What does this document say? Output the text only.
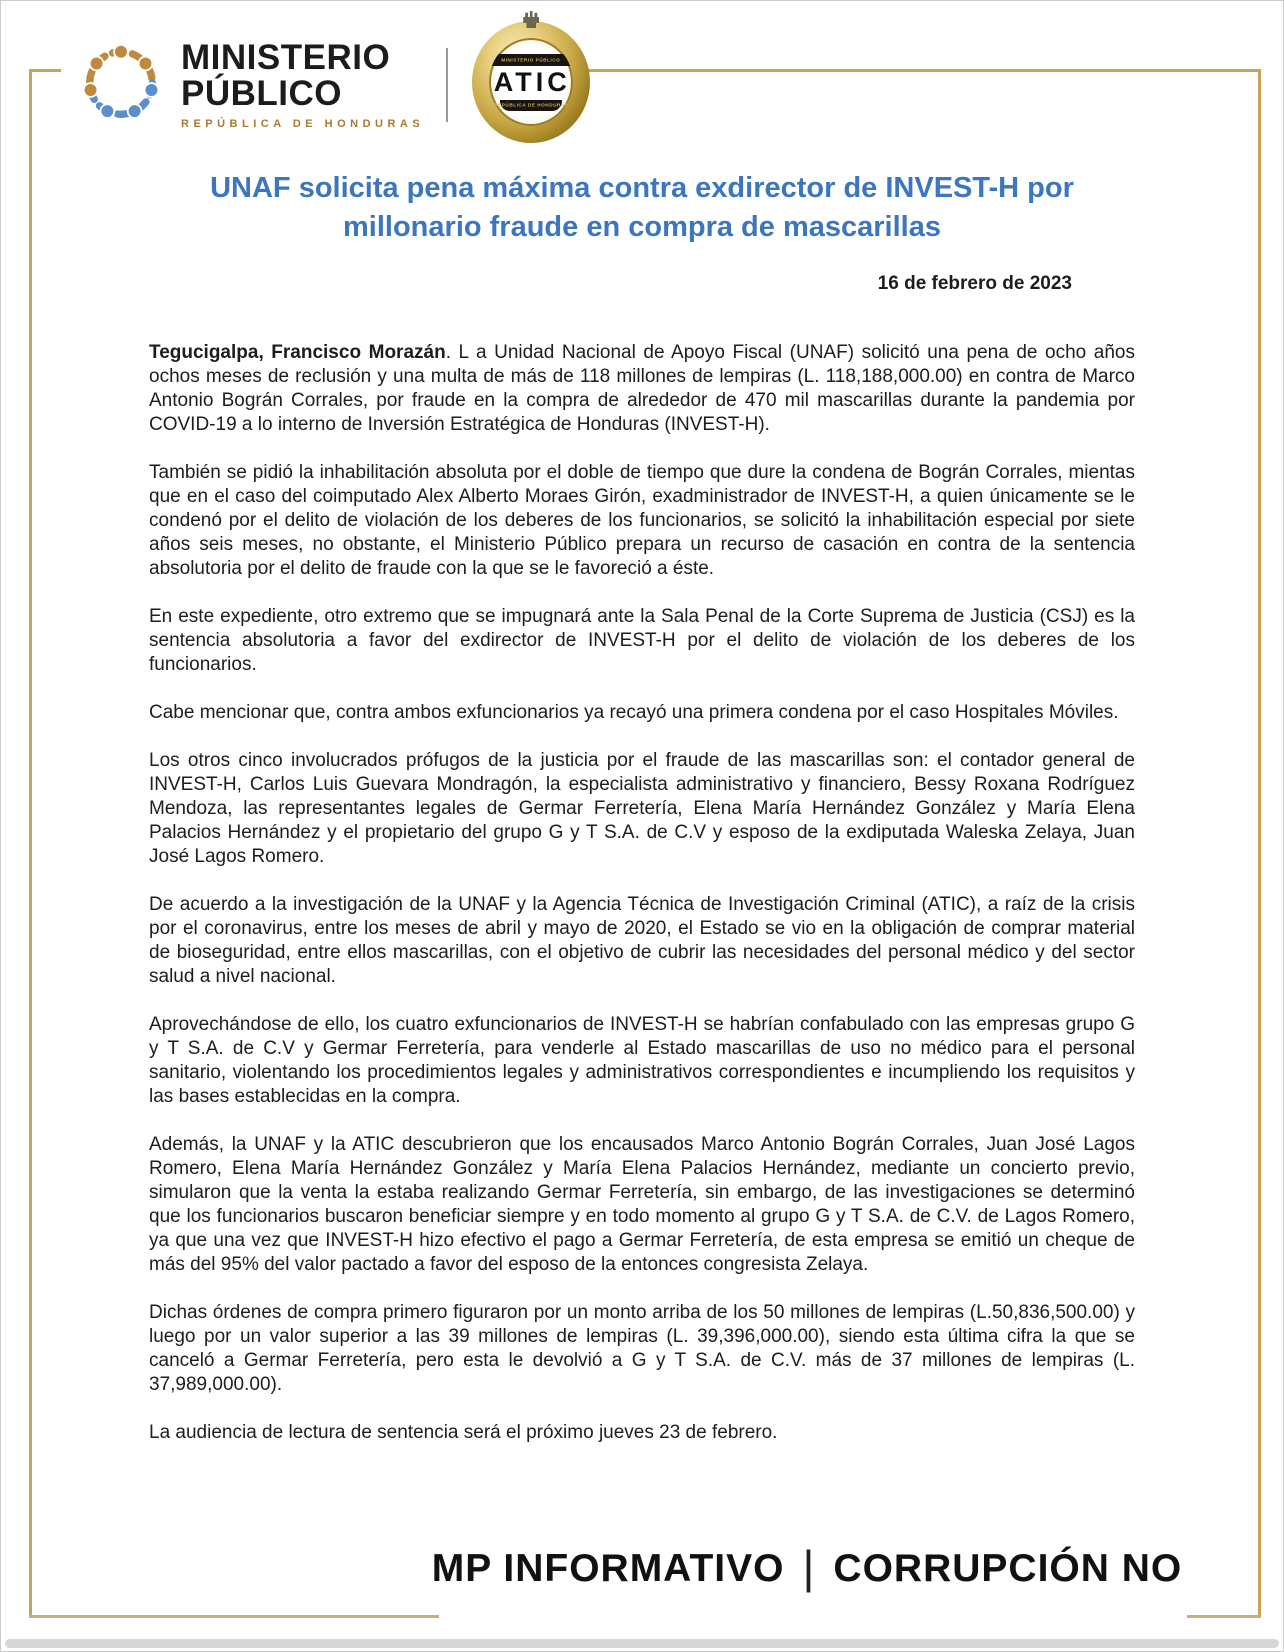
MINISTERIO
PÚBLICO
REPÚBLICA DE HONDURAS
MINISTERIO PÚBLICO
ATIC
REPÚBLICA DE HONDURAS
UNAF solicita pena máxima contra exdirector de INVEST-H por
millonario fraude en compra de mascarillas
16 de febrero de 2023

Tegucigalpa, Francisco Morazán. L a Unidad Nacional de Apoyo Fiscal (UNAF) solicitó una pena de ocho años ochos meses de reclusión y una multa de más de 118 millones de lempiras (L. 118,188,000.00) en contra de Marco Antonio Bográn Corrales, por fraude en la compra de alrededor de 470 mil mascarillas durante la pandemia por COVID-19 a lo interno de Inversión Estratégica de Honduras (INVEST-H).

También se pidió la inhabilitación absoluta por el doble de tiempo que dure la condena de Bográn Corrales, mientas que en el caso del coimputado Alex Alberto Moraes Girón, exadministrador de INVEST-H, a quien únicamente se le condenó por el delito de violación de los deberes de los funcionarios, se solicitó la inhabilitación especial por siete años seis meses, no obstante, el Ministerio Público prepara un recurso de casación en contra de la sentencia absolutoria por el delito de fraude con la que se le favoreció a éste.

En este expediente, otro extremo que se impugnará ante la Sala Penal de la Corte Suprema de Justicia (CSJ) es la sentencia absolutoria a favor del exdirector de INVEST-H por el delito de violación de los deberes de los funcionarios.

Cabe mencionar que, contra ambos exfuncionarios ya recayó una primera condena por el caso Hospitales Móviles.

Los otros cinco involucrados prófugos de la justicia por el fraude de las mascarillas son: el contador general de INVEST-H, Carlos Luis Guevara Mondragón, la especialista administrativo y financiero, Bessy Roxana Rodríguez Mendoza, las representantes legales de Germar Ferretería, Elena María Hernández González y María Elena Palacios Hernández y el propietario del grupo G y T S.A. de C.V y esposo de la exdiputada Waleska Zelaya, Juan José Lagos Romero.

De acuerdo a la investigación de la UNAF y la Agencia Técnica de Investigación Criminal (ATIC), a raíz de la crisis por el coronavirus, entre los meses de abril y mayo de 2020, el Estado se vio en la obligación de comprar material de bioseguridad, entre ellos mascarillas, con el objetivo de cubrir las necesidades del personal médico y del sector salud a nivel nacional.

Aprovechándose de ello, los cuatro exfuncionarios de INVEST-H se habrían confabulado con las empresas grupo G y T S.A. de C.V y Germar Ferretería, para venderle al Estado mascarillas de uso no médico para el personal sanitario, violentando los procedimientos legales y administrativos correspondientes e incumpliendo los requisitos y las bases establecidas en la compra.

Además, la UNAF y la ATIC descubrieron que los encausados Marco Antonio Bográn Corrales, Juan José Lagos Romero, Elena María Hernández González y María Elena Palacios Hernández, mediante un concierto previo, simularon que la venta la estaba realizando Germar Ferretería, sin embargo, de las investigaciones se determinó que los funcionarios buscaron beneficiar siempre y en todo momento al grupo G y T S.A. de C.V. de Lagos Romero, ya que una vez que INVEST-H hizo efectivo el pago a Germar Ferretería, de esta empresa se emitió un cheque de más del 95% del valor pactado a favor del esposo de la entonces congresista Zelaya.

Dichas órdenes de compra primero figuraron por un monto arriba de los 50 millones de lempiras (L.50,836,500.00) y luego por un valor superior a las 39 millones de lempiras (L. 39,396,000.00), siendo esta última cifra la que se canceló a Germar Ferretería, pero esta le devolvió a G y T S.A. de C.V. más de 37 millones de lempiras (L. 37,989,000.00).

La audiencia de lectura de sentencia será el próximo jueves 23 de febrero.

MP INFORMATIVO | CORRUPCIÓN NO
